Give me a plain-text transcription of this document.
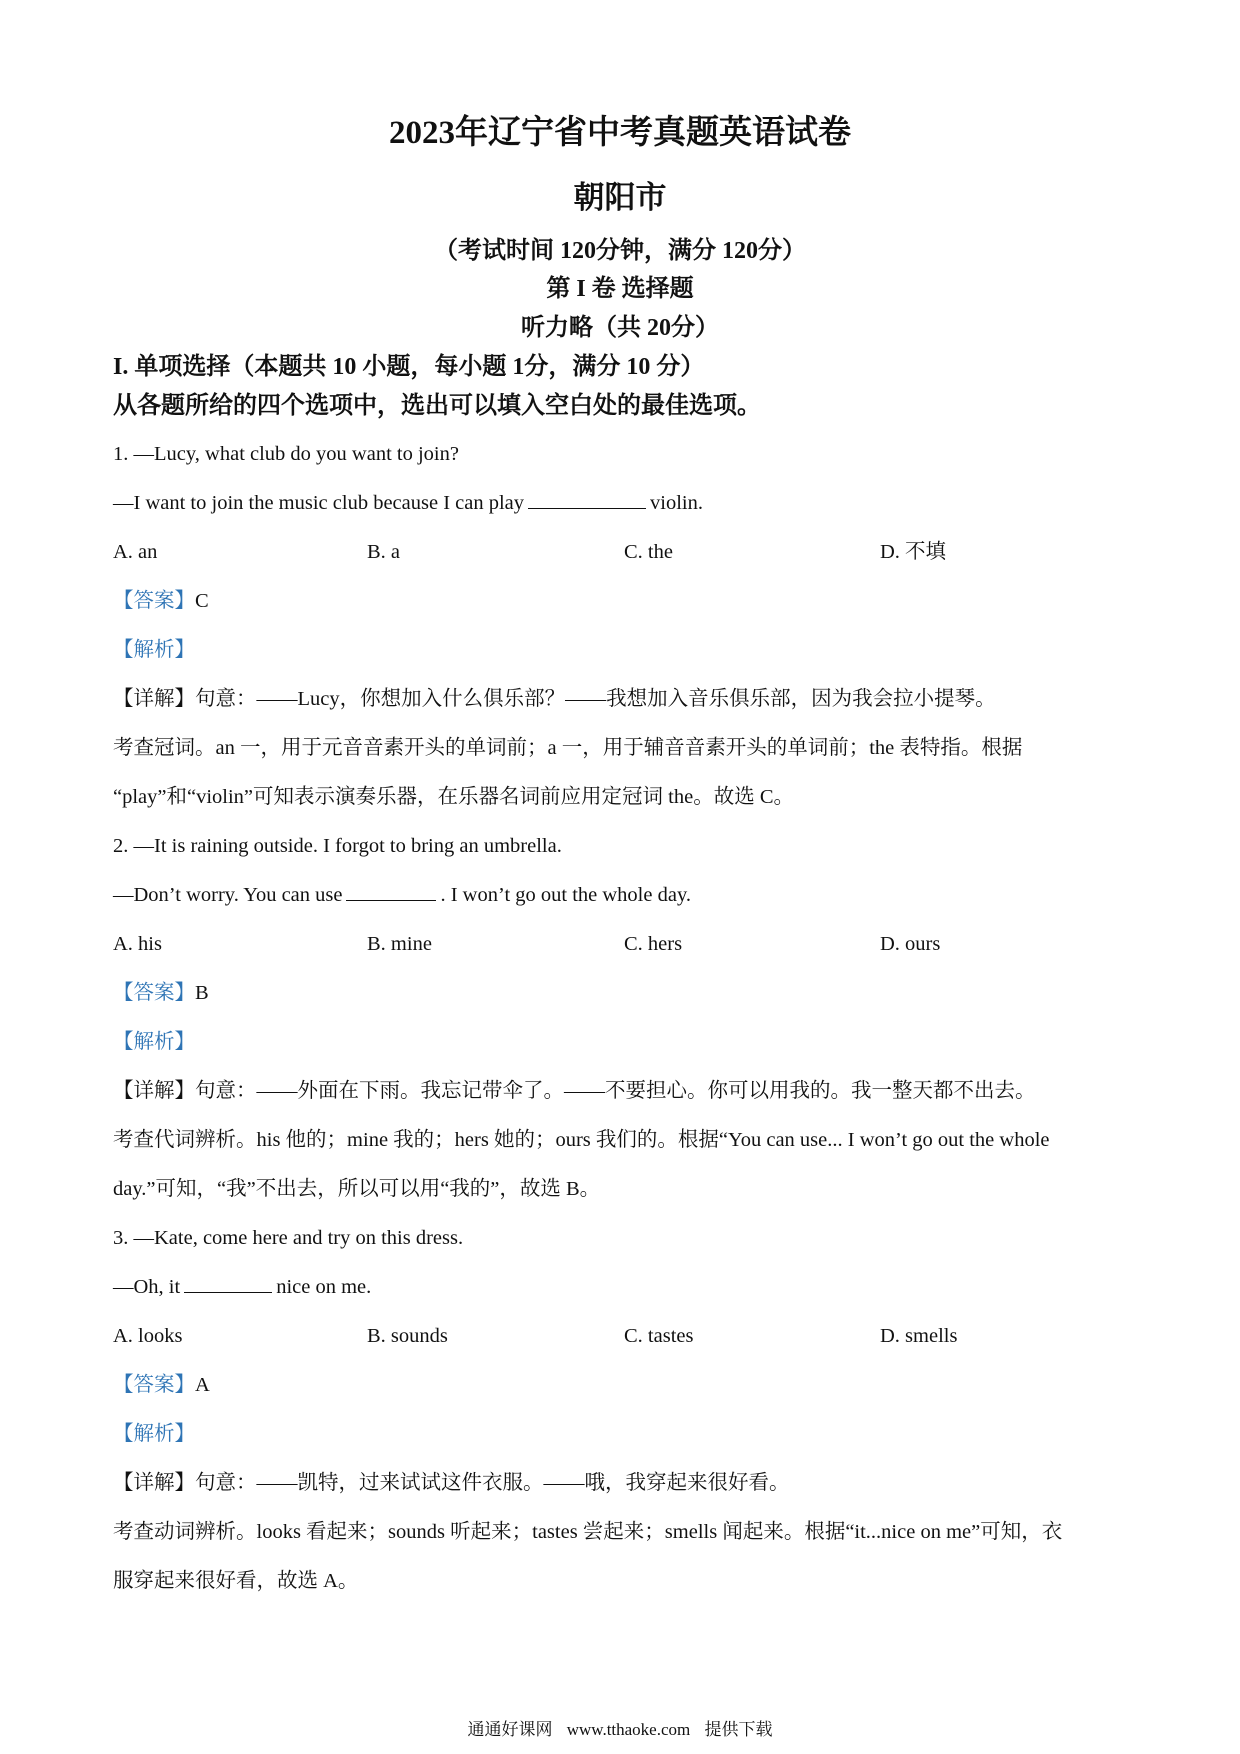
2023年辽宁省中考真题英语试卷
朝阳市
（考试时间 120分钟，满分 120分）
第 I 卷 选择题
听力略（共 20分）
I. 单项选择（本题共 10 小题，每小题 1分，满分 10 分）
从各题所给的四个选项中，选出可以填入空白处的最佳选项。
1. —Lucy, what club do you want to join?
—I want to join the music club because I can play	violin.
A. an	B. a	C. the	D. 不填
【答案】C
【解析】
【详解】句意：——Lucy，你想加入什么俱乐部？——我想加入音乐俱乐部，因为我会拉小提琴。
考查冠词。an 一，用于元音音素开头的单词前；a 一，用于辅音音素开头的单词前；the 表特指。根据
“play”和“violin”可知表示演奏乐器，在乐器名词前应用定冠词 the。故选 C。
2. —It is raining outside. I forgot to bring an umbrella.
—Don’t worry. You can use	. I won’t go out the whole day.
A. his	B. mine	C. hers	D. ours
【答案】B
【解析】
【详解】句意：——外面在下雨。我忘记带伞了。——不要担心。你可以用我的。我一整天都不出去。
考查代词辨析。his 他的；mine 我的；hers 她的；ours 我们的。根据“You can use... I won’t go out the whole
day.”可知，“我”不出去，所以可以用“我的”，故选 B。
3. —Kate, come here and try on this dress.
—Oh, it	nice on me.
A. looks	B. sounds	C. tastes	D. smells
【答案】A
【解析】
【详解】句意：——凯特，过来试试这件衣服。——哦，我穿起来很好看。
考查动词辨析。looks 看起来；sounds 听起来；tastes 尝起来；smells 闻起来。根据“it...nice on me”可知，衣
服穿起来很好看，故选 A。
通通好课网 www.tthaoke.com 提供下载
